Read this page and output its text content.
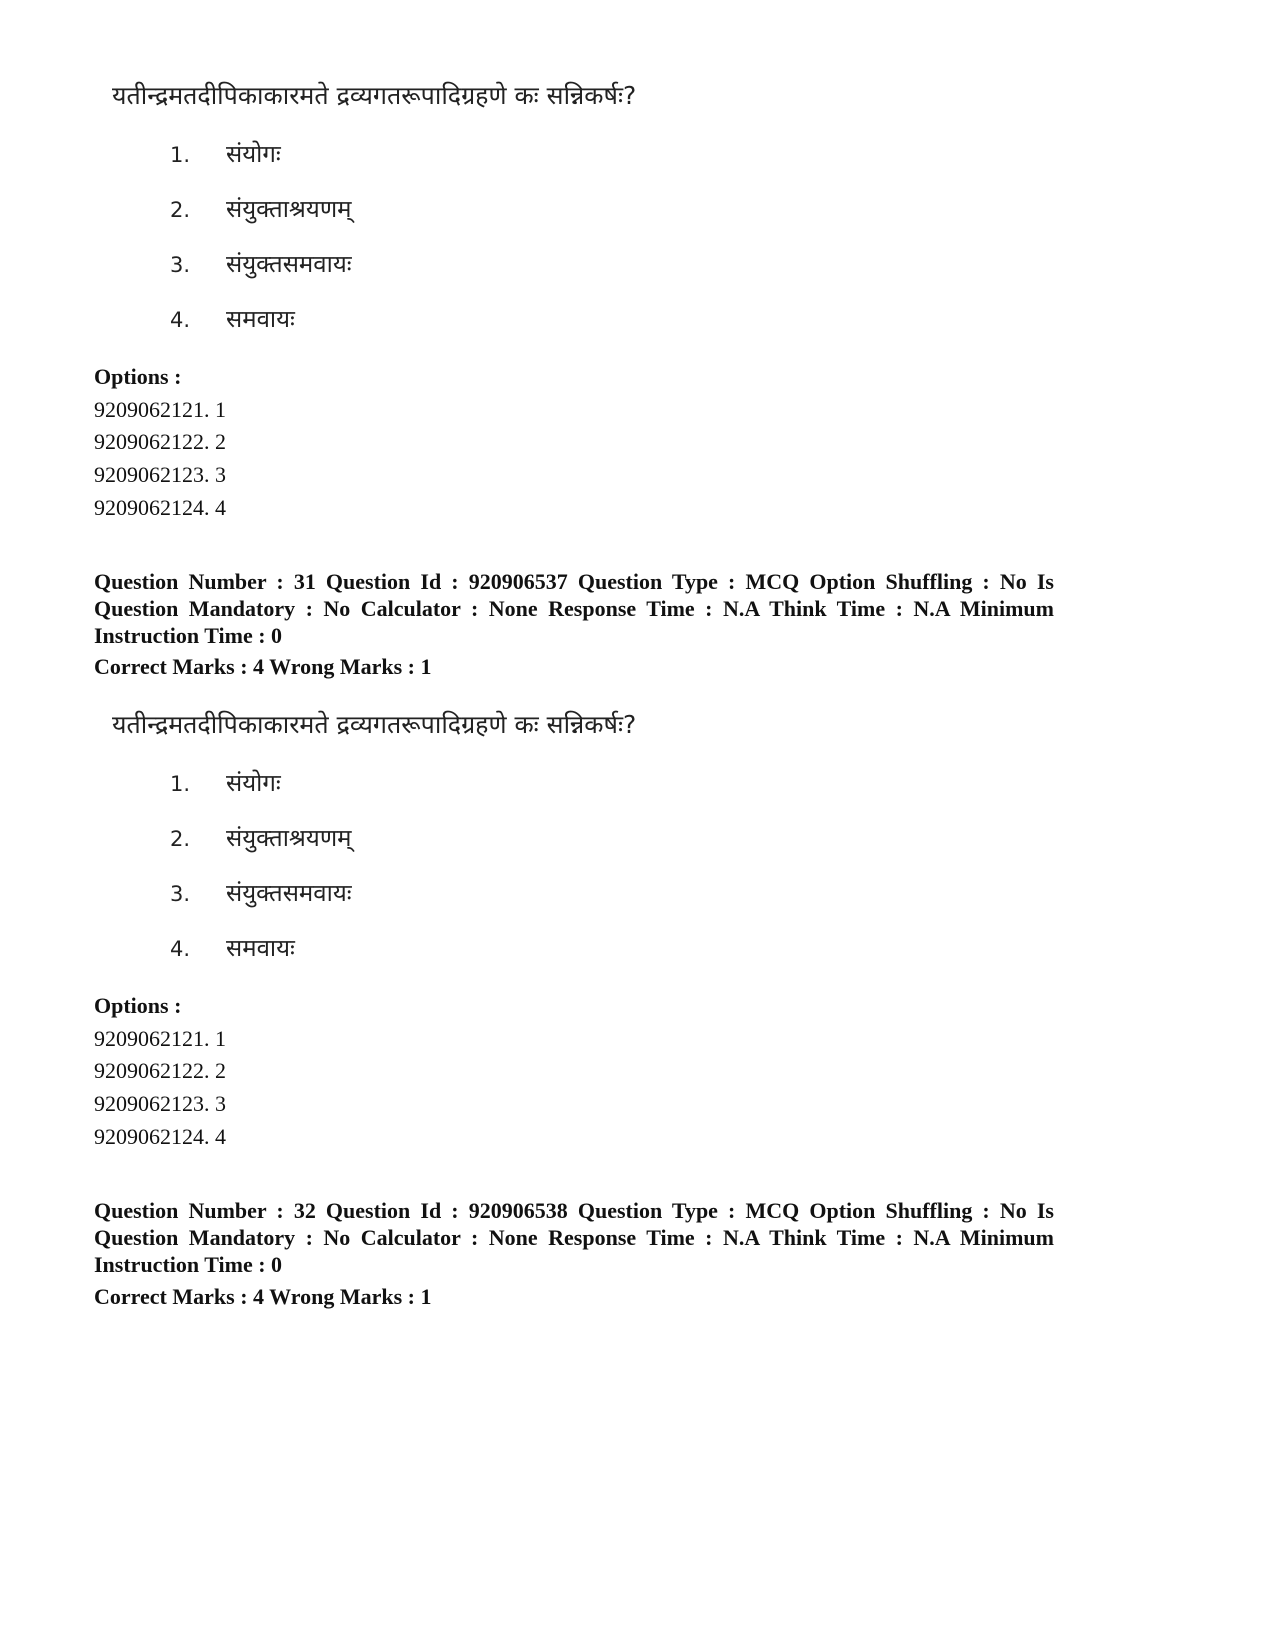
यतीन्द्रमतदीपिकाकारमते द्रव्यगतरूपादिग्रहणे कः सन्निकर्षः?
1. संयोगः
2. संयुक्ताश्रयणम्
3. संयुक्तसमवायः
4. समवायः
Options :
9209062121. 1
9209062122. 2
9209062123. 3
9209062124. 4
Question Number : 31 Question Id : 920906537 Question Type : MCQ Option Shuffling : No Is Question Mandatory : No Calculator : None Response Time : N.A Think Time : N.A Minimum Instruction Time : 0
Correct Marks : 4 Wrong Marks : 1
यतीन्द्रमतदीपिकाकारमते द्रव्यगतरूपादिग्रहणे कः सन्निकर्षः?
1. संयोगः
2. संयुक्ताश्रयणम्
3. संयुक्तसमवायः
4. समवायः
Options :
9209062121. 1
9209062122. 2
9209062123. 3
9209062124. 4
Question Number : 32 Question Id : 920906538 Question Type : MCQ Option Shuffling : No Is Question Mandatory : No Calculator : None Response Time : N.A Think Time : N.A Minimum Instruction Time : 0
Correct Marks : 4 Wrong Marks : 1
